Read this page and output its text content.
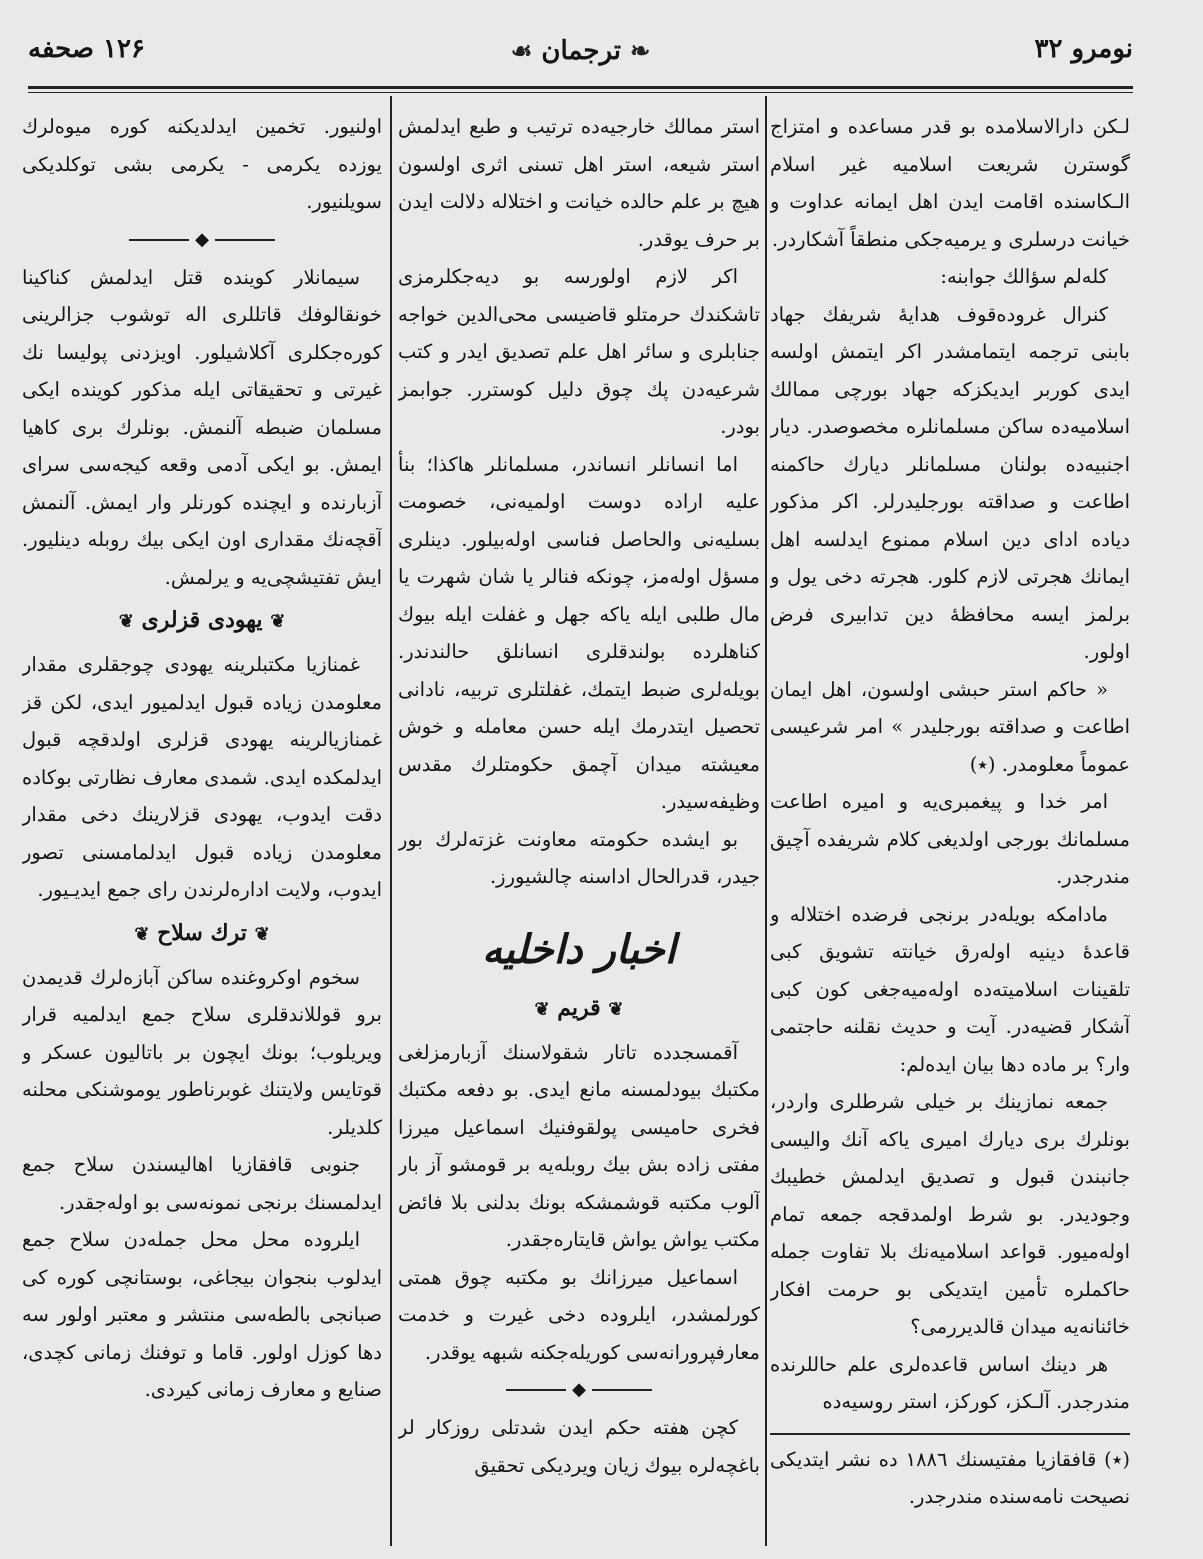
نومرو ۳۲
❧ ترجمان ☙
۱۲۶ صحفه

لـكن دارالاسلامده بو قدر مساعده و امتزاج گوسترن شريعت اسلاميه غير اسلام الـكا‌سنده اقامت ايدن اهل ايمانه عداوت و خيانت درسلری و يرميه‌جكی منطقاً آشكاردر.

كله‌لم سؤالك جوابنه:

كنرال غرودەقوف هدايهٔ شريفك جهاد بابنی ترجمه ايتمامشدر اكر ايتمش اولسه ايدی كوربر ايديكزكه جهاد بورچی ممالك اسلاميه‌ده ساكن مسلمانلره مخصوصدر. ديار اجنبيه‌ده بولنان مسلمانلر ديارك حاكمنه اطا‌عت و صداقته بورجليدرلر. اكر مذكور دياده اداى دين اسلام ممنوع ايدلسه اهل ايمانك هجرتی لازم كلور. هجرته دخی يول و برلمز ايسه محافظهٔ دين تدابيری فرض اولور.

« حاكم استر حبشی اولسون، اهل ايمان اطاعت و صداقته بورجليدر » امر شرعيسی عموماً معلومدر. (٭)

امر خدا و پيغمبری‌يه و امير‌ه اطاعت مسلمانك بورجی اولديغی كلام شريفده آچيق مندرجدر.

مادامكه بويله‌در برنجی فرضده اختلاله و قاعدهٔ دينيه اوله‌رق خيانته تشويق كبی تلقينات اسلاميته‌ده اوله‌ميه‌جغی كون كبی آشكار قضيه‌در. آيت و حديث نقلنه حاجتمی وار؟ بر ماده دها بيان ايده‌لم:

جمعه نمازينك بر خيلی شرطلری واردر، بونلرك برى ديارك اميری ياكه آنك واليسی جانبندن قبول و تصديق ايدلمش خطيبك وجوديدر. بو شرط اولمدقجه جمعه تمام اولەميور. قواعد اسلاميه‌نك بلا تفاوت جمله حاكملره تأمين ايتديكی بو حرمت افكار خائنانه‌يه ميدان قالديررمی؟

هر دينك اساس قاعده‌لری علم حاللرنده مندرجدر. آلـكز، كوركز، استر روسيه‌ده

(٭) قافقازيا مفتيسنك ١٨٨٦ ده نشر ايتديكی نصيحت نامه‌سنده مندرجدر.

استر ممالك خارجيه‌ده ترتيب و طبع ايدلمش استر شيعه، استر اهل تسنی اثری اولسون هيچ بر علم حالده خيانت و اختلاله دلالت ايدن بر حرف يوقدر.

اكر لازم اولورسه بو ديەجكلرمزی تا‌شكندك حرمتلو قاضيسی محی‌الدين خواجه جنابلری و سائر اهل علم تصديق ايدر و كتب شرعيه‌دن پك چوق دليل كوسترر. جوابمز بودر.

اما انسانلر انساندر، مسلمانلر هاكذا؛ بنأ عليه ارادە دوست اولميەنی، خصومت بسليەنی والحاصل فناسی اولەبيلور. دينلری مسؤل اولەمز، چونكه فنالر يا شان شهرت يا مال طلبی ايله ياكه جهل و غفلت ايله بيوك كناهلرده بولندقلری انسانلق حالندندر. بويله‌لری ضبط ايتمك، غفلتلری تربيه، نا‌دانی تحصيل ايتدرمك ايله حسن معامله و خوش معيشته ميدان آچمق حكومتلرك مقدس وظيفه‌سيدر.

بو ايشده حكومته معاونت غزته‌لرك بور جيدر، قدرالحال اداسنه چالشيورز.

اخبار داخليه
❦ قريم ❦

آقمسجدده تاتار شقولاسنك آزبارمزلغی مكتبك بيودلمسنه مانع ايدی. بو دفعه مكتبك فخری حاميسی پولقوفنيك اسماعيل ميرزا مفتی زاده بش بيك روبله‌يه بر قومشو آز بار آلوب مكتبه قوشمشكه بونك بدلنی بلا فائض مكتب يواش يواش قايتاره‌جقدر.

اسماعيل ميرزانك بو مكتبه چوق همتی كورلمشدر، ايلروده دخی غيرت و خدمت معارفپرورانه‌سی كوريله‌جكنه شبهه يوقدر.

◆

كچن هفته حكم ايدن شدتلی روزكار لر باغچه‌لره بيوك زيان ويرديكی تحقيق

اولنيور. تخمين ايدلديكنه كوره ميوه‌لرك يوزده يكرمی - يكرمی بشی توكلديكی سو‌يلنيور.

◆

سيمانلار كوينده قتل ايدلمش كناكينا خونقالوفك قاتللری اله توشوب جزالرينی كوره‌جكلری آكلاشيلور. اويزدنی پوليسا نك غيرتی و تحقيقاتی ايله مذكور كوينده ايكی مسلمان ضبطه آلنمش. بونلرك بری كاهيا ايمش. بو ايكی آدمی وقعه كيجه‌سی سرای آزبارنده و ايچنده كورنلر وار ايمش. آلنمش آقچه‌نك مقداری اون ايكی بيك روبله دينليور. ايش تفتيشچی‌يه و يرلمش.

❦ يهودی قزلری ❦

غمنازيا مكتبلرينه يهودی چوجقلری مقدار معلومدن زياده قبول ايدلميور ايدی، لكن قز غمنازيالرينه يهودی قزلری او‌لدقچه قبول ايدلمكده ايدی. شمدی معارف نظارتی بوكاده دقت ايدوب، يهودی قزلارينك دخی مقدار معلومدن زياده قبول ايدلمامسنی تصور ايدوب، ولايت اداره‌لرندن رای جمع ايديـيور.

❦ ترك سلاح ❦

سخوم اوكروغنده ساكن آبازه‌لرك قديمدن برو قوللاندقلری سلاح جمع ايدلميه قرار ويريلوب؛ بونك ايچون بر باتاليون عسكر و قوتايس ولايتنك غوبرناطور يوموشنكی محلنه كلديلر.

جنوبی قافقازيا اهاليسندن سلاح جمع ايدلمسنك برنجی نمونه‌سی بو اوله‌جقدر.

ايلروده محل محل جمله‌دن سلاح جمع ايدلوب بنجوان بيجاغی، بوستانچی كوره كی صبانجی بالطه‌سی منتشر و معتبر اولور سه دها كوزل اولور. قاما و توفنك زمانی كچدی، صنايع و معارف زمانی كيردی.
